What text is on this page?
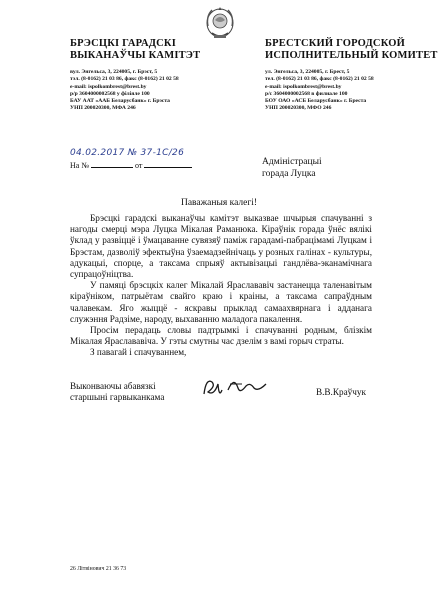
БРЭСЦКІ ГАРАДСКІ
ВЫКАНАЎЧЫ КАМІТЭТ
вул. Энгельса, 3, 224005, г. Брэст, 5
тэл. (8-0162) 21 03 86, факс (8-0162) 21 02 58
e-mail: ispolkombrest@brest.by
р/р 3604000002568 у філіяле 100
БАУ ААТ «ААБ Беларусбанк» г. Брэста
УНП 200020300, МФА 246
БРЕСТСКИЙ ГОРОДСКОЙ
ИСПОЛНИТЕЛЬНЫЙ КОМИТЕТ
ул. Энгельса, 3, 224005, г. Брест, 5
тел. (8-0162) 21 03 86, факс (8-0162) 21 02 58
e-mail: ispolkombrest@brest.by
р/с 3604000002568 в филиале 100
БОУ ОАО «АСБ Беларусбанк» г. Бреста
УНП 200020300, МФО 246
04.02.2017 № 37-1С/26
На №	от	Адміністрацыі
горада Луцка
Паважаныя калегі!

Брэсцкі гарадскі выканаўчы камітэт выказвае шчырыя спачуванні з нагоды смерці мэра Луцка Мікалая Раманюка. Кіраўнік горада ўнёс вялікі ўклад у развіццё і ўмацаванне сувязяў паміж гарадамі-пабрацімамі Луцкам і Брэстам, дазволіў эфектыўна ўзаемадзейнічаць у розных галінах - культуры, адукацыі, спорце, а таксама спрыяў актывізацыі гандлёва-эканамічнага супрацоўніцтва.

У памяці брэсцкіх калег Мікалай Яраслававіч застанецца таленавітым кіраўніком, патрыётам свайго краю і краіны, а таксама сапраўдным чалавекам. Яго жыццё - яскравы прыклад самаахвярнага і адданага служэння Радзіме, народу, выхаванню маладога пакалення.

Просім перадаць словы падтрымкі і спачуванні родным, блізкім Мікалая Яраслававіча. У гэты смутны час дзелім з вамі горыч страты.

З павагай і спачуваннем,

Выконваючы абавязкі
старшыні гарвыканкама
В.В.Краўчук
26 Літвінович 21 36 73
